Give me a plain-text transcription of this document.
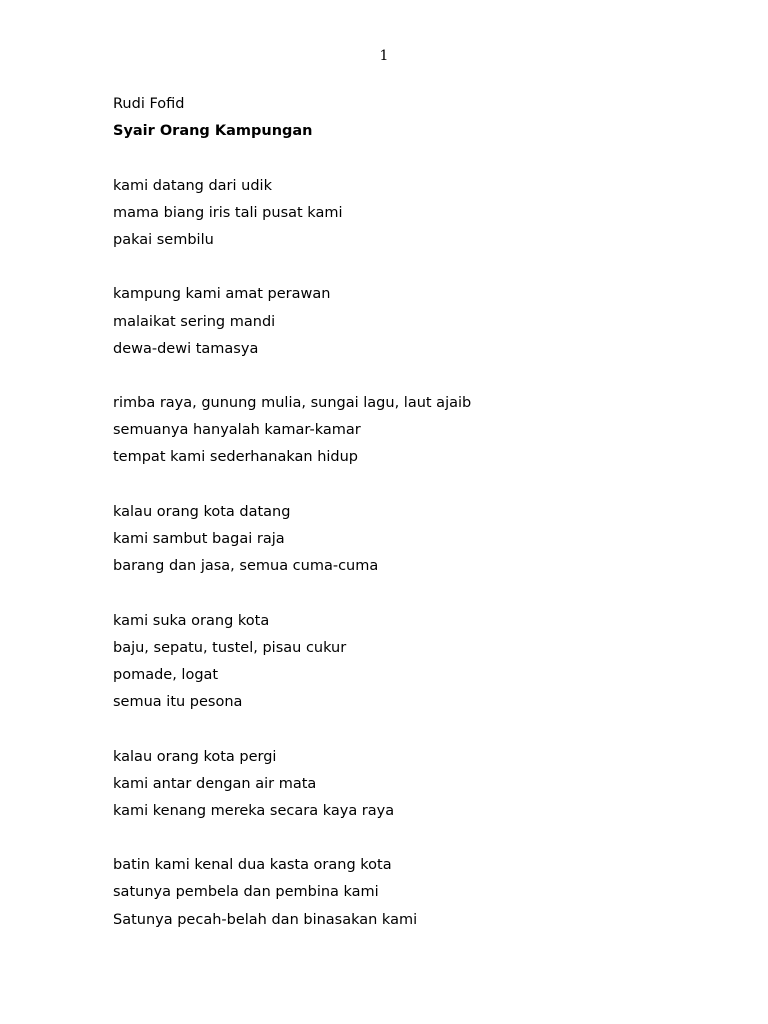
1
Rudi Fofid
Syair Orang Kampungan
kami datang dari udik
mama biang iris tali pusat kami
pakai sembilu
kampung kami amat perawan
malaikat sering mandi
dewa-dewi tamasya
rimba raya, gunung mulia, sungai lagu, laut ajaib
semuanya hanyalah kamar-kamar
tempat kami sederhanakan hidup
kalau orang kota datang
kami sambut bagai raja
barang dan jasa, semua cuma-cuma
kami suka orang kota
baju, sepatu, tustel, pisau cukur
pomade, logat
semua itu pesona
kalau orang kota pergi
kami antar dengan air mata
kami kenang mereka secara kaya raya
batin kami kenal dua kasta orang kota
satunya pembela dan pembina kami
Satunya pecah-belah dan binasakan kami
